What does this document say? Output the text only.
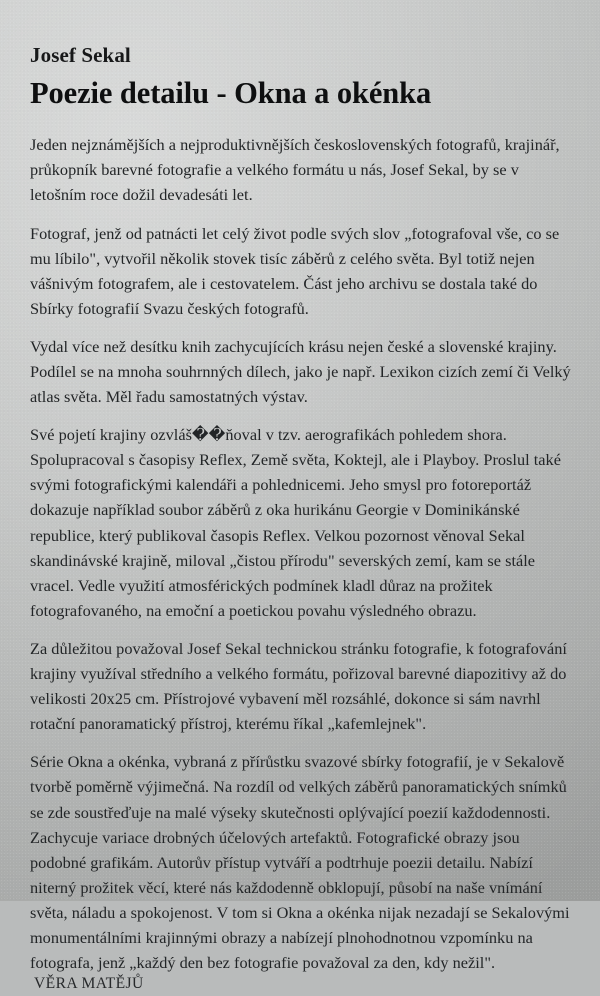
Josef Sekal
Poezie detailu - Okna a okénka

Jeden nejznámějších a nejproduktivnějších československých fotografů, krajinář, průkopník barevné fotografie a velkého formátu u nás, Josef Sekal, by se v letošním roce dožil devadesáti let.

Fotograf, jenž od patnácti let celý život podle svých slov „fotografoval vše, co se mu líbilo", vytvořil několik stovek tisíc záběrů z celého světa. Byl totiž nejen vášnivým fotografem, ale i cestovatelem. Část jeho archivu se dostala také do Sbírky fotografií Svazu českých fotografů.

Vydal více než desítku knih zachycujících krásu nejen české a slovenské krajiny. Podílel se na mnoha souhrnných dílech, jako je např. Lexikon cizích zemí či Velký atlas světa. Měl řadu samostatných výstav.

Své pojetí krajiny ozvláš��ňoval v tzv. aerografikách pohledem shora. Spolupracoval s časopisy Reflex, Země světa, Koktejl, ale i Playboy. Proslul také svými fotografickými kalendáři a pohlednicemi. Jeho smysl pro fotoreportáž dokazuje například soubor záběrů z oka hurikánu Georgie v Dominikánské republice, který publikoval časopis Reflex. Velkou pozornost věnoval Sekal skandinávské krajině, miloval „čistou přírodu" severských zemí, kam se stále vracel. Vedle využití atmosférických podmínek kladl důraz na prožitek fotografovaného, na emoční a poetickou povahu výsledného obrazu.

Za důležitou považoval Josef Sekal technickou stránku fotografie, k fotografování krajiny využíval středního a velkého formátu, pořizoval barevné diapozitivy až do velikosti 20x25 cm. Přístrojové vybavení měl rozsáhlé, dokonce si sám navrhl rotační panoramatický přístroj, kterému říkal „kafemlejnek".

Série Okna a okénka, vybraná z přírůstku svazové sbírky fotografií, je v Sekalově tvorbě poměrně výjimečná. Na rozdíl od velkých záběrů panoramatických snímků se zde soustřeďuje na malé výseky skutečnosti oplývající poezií každodennosti. Zachycuje variace drobných účelových artefaktů. Fotografické obrazy jsou podobné grafikám. Autorův přístup vytváří a podtrhuje poezii detailu. Nabízí niterný prožitek věcí, které nás každodenně obklopují, působí na naše vnímání světa, náladu a spokojenost. V tom si Okna a okénka nijak nezadají se Sekalovými monumentálními krajinnými obrazy a nabízejí plnohodnotnou vzpomínku na fotografa, jenž „každý den bez fotografie považoval za den, kdy nežil".

VĚRA MATĚJŮ
